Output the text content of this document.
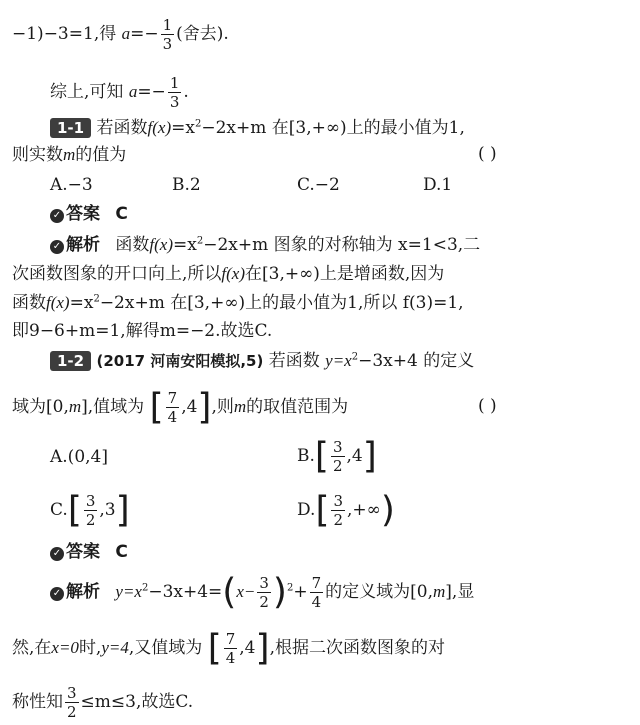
−1)−3=1,得 $a=- \frac{1}{3}$ (舍去).
综上,可知 $a=- \frac{1}{3}$ .
1-1 若函数$f(x)=x^2-2x+m$ 在[3,+∞)上的最小值为1,
则实数m的值为	( )
A.−3	B.2	C.−2	D.1
✓ 答案 C
✓ 解析 函数$f(x)=x^2-2x+m$ 图象的对称轴为 x=1<3,二
次函数图象的开口向上,所以f(x)在[3,+∞)上是增函数,因为
函数$f(x)=x^2-2x+m$ 在[3,+∞)上的最小值为1,所以 f(3)=1,
即9−6+m=1,解得m=−2.故选C.
1-2 (2017 河南安阳模拟,5) 若函数 $y=x^2-3x+4$ 的定义
域为[0,m],值域为 [ $\frac{7}{4} ,4$],则m的取值范围为	( )
A.(0,4]	$B.[ \frac{3}{2} ,4]$
$C.[ \frac{3}{2} ,3]$	$D.[ \frac{3}{2}$ ,+∞)
✓ 答案 C
✓ 解析 $y=x^2-3x+4=(x- \frac{3}{2} )^2+ \frac{7}{4}$ 的定义域为[0,m],显
然,在x=0时,y=4,又值域为 [ $\frac{7}{4} ,4$],根据二次函数图象的对
称性知 $\frac{3}{2} \le m\le 3$,故选C.
